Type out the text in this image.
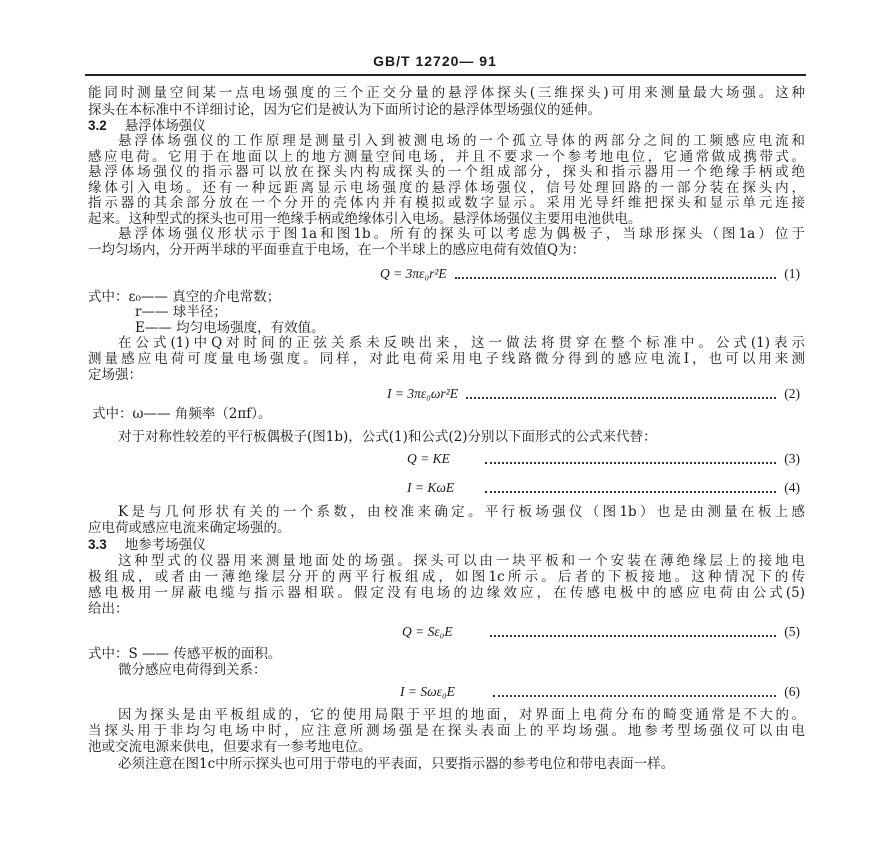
GB/T 12720— 91
能同时测量空间某一点电场强度的三个正交分量的悬浮体探头(三维探头)可用来测量最大场强。这种
探头在本标准中不详细讨论，因为它们是被认为下面所讨论的悬浮体型场强仪的延伸。
3.2 悬浮体场强仪
悬浮体场强仪的工作原理是测量引入到被测电场的一个孤立导体的两部分之间的工频感应电流和
感应电荷。它用于在地面以上的地方测量空间电场，并且不要求一个参考地电位，它通常做成携带式。
悬浮体场强仪的指示器可以放在探头内构成探头的一个组成部分，探头和指示器用一个绝缘手柄或绝
缘体引入电场。还有一种远距离显示电场强度的悬浮体场强仪，信号处理回路的一部分装在探头内，
指示器的其余部分放在一个分开的壳体内并有模拟或数字显示。采用光导纤维把探头和显示单元连接
起来。这种型式的探头也可用一绝缘手柄或绝缘体引入电场。悬浮体场强仪主要用电池供电。
悬浮体场强仪形状示于图1a和图1b。所有的探头可以考虑为偶极子，当球形探头（图1a）位于
一均匀场内，分开两半球的平面垂直于电场，在一个半球上的感应电荷有效值Q为：
Q = 3πε₀r²E	(1)
式中：ε₀—— 真空的介电常数；
r—— 球半径；
E—— 均匀电场强度，有效值。
在公式(1)中Q对时间的正弦关系未反映出来，这一做法将贯穿在整个标准中。公式(1)表示
测量感应电荷可度量电场强度。同样，对此电荷采用电子线路微分得到的感应电流I，也可以用来测
定场强：
I = 3πε₀ωr²E	(2)
式中：ω—— 角频率（2πf）。
对于对称性较差的平行板偶极子(图1b)，公式(1)和公式(2)分别以下面形式的公式来代替：
Q = KE	(3)
I = KωE	(4)
K是与几何形状有关的一个系数，由校准来确定。平行板场强仪（图1b）也是由测量在板上感
应电荷或感应电流来确定场强的。
3.3 地参考场强仪
这种型式的仪器用来测量地面处的场强。探头可以由一块平板和一个安装在薄绝缘层上的接地电
极组成，或者由一薄绝缘层分开的两平行板组成，如图1c所示。后者的下板接地。这种情况下的传
感电极用一屏蔽电缆与指示器相联。假定没有电场的边缘效应，在传感电极中的感应电荷由公式(5)
给出：
Q = Sε₀E	(5)
式中：S —— 传感平板的面积。
微分感应电荷得到关系：
I = Sωε₀E	(6)
因为探头是由平板组成的，它的使用局限于平坦的地面，对界面上电荷分布的畸变通常是不大的。
当探头用于非均匀电场中时，应注意所测场强是在探头表面上的平均场强。地参考型场强仪可以由电
池或交流电源来供电，但要求有一参考地电位。
必须注意在图1c中所示探头也可用于带电的平表面，只要指示器的参考电位和带电表面一样。
